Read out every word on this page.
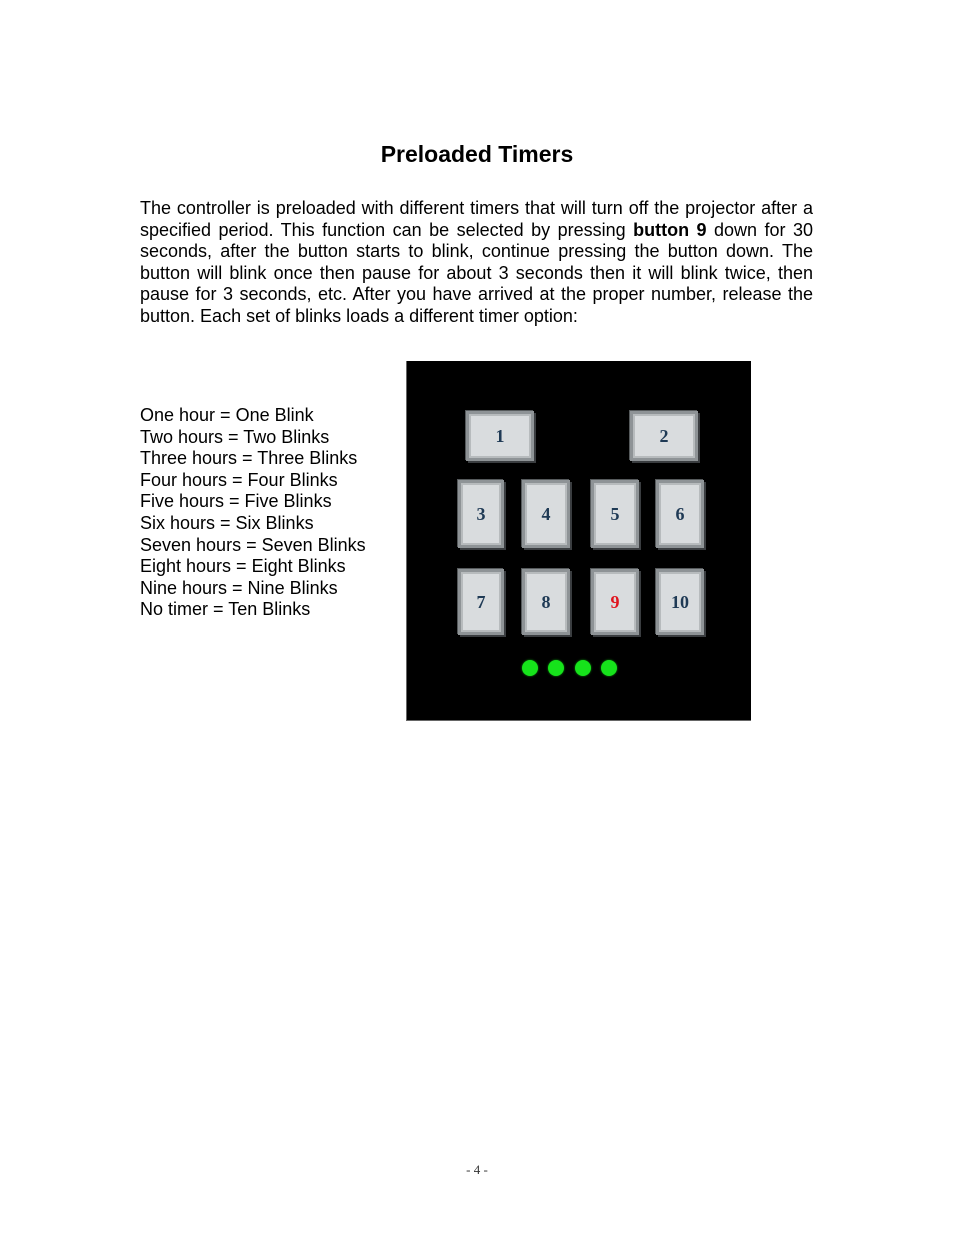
Preloaded Timers

The controller is preloaded with different timers that will turn off the projector after a specified period. This function can be selected by pressing button 9 down for 30 seconds, after the button starts to blink, continue pressing the button down. The button will blink once then pause for about 3 seconds then it will blink twice, then pause for 3 seconds, etc. After you have arrived at the proper number, release the button. Each set of blinks loads a different timer option:

One hour = One Blink
Two hours = Two Blinks
Three hours = Three Blinks
Four hours = Four Blinks
Five hours = Five Blinks
Six hours = Six Blinks
Seven hours = Seven Blinks
Eight hours = Eight Blinks
Nine hours = Nine Blinks
No timer = Ten Blinks
1	2
3	4	5	6
7	8	9	10
- 4 -
